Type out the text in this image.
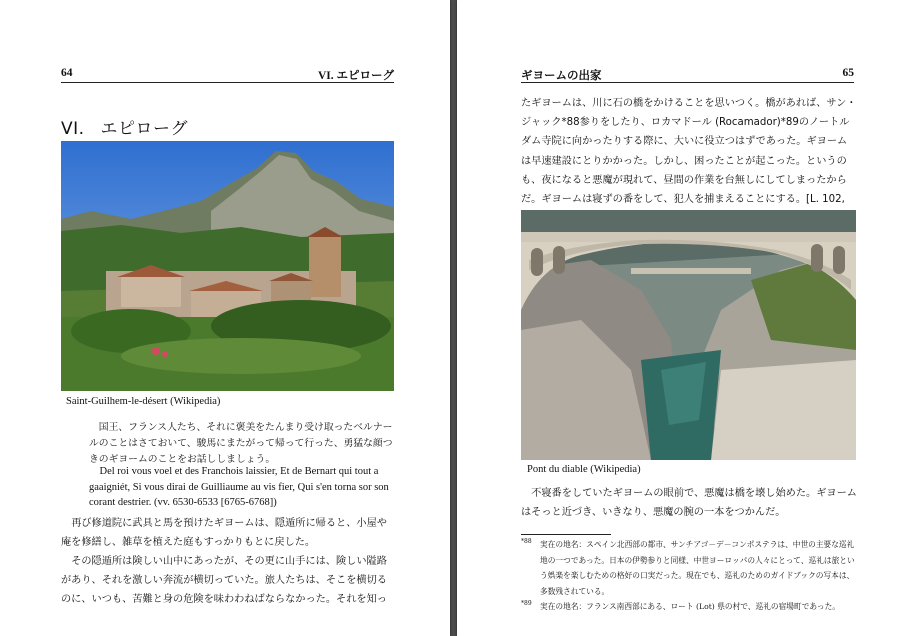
64	VI. エピローグ
VI. エピローグ
Saint-Guilhem-le-désert (Wikipedia)

国王、フランス人たち、それに褒美をたんまり受け取ったベルナールのことはさておいて、駿馬にまたがって帰って行った、勇猛な顔つきのギヨームのことをお話ししましょう。

Del roi vous voel et des Franchois laissier, Et de Bernart qui tout a gaaigniét, Si vous dirai de Guilliaume au vis fier, Qui s'en torna sor son corant destrier. (vv. 6530-6533 [6765-6768])

再び修道院に武具と馬を預けたギヨームは、隠遁所に帰ると、小屋や庵を修繕し、雑草を植えた庭もすっかりもとに戻した。

その隠遁所は険しい山中にあったが、その更に山手には、険しい隘路があり、それを激しい奔流が横切っていた。旅人たちは、そこを横切るのに、いつも、苦難と身の危険を味わわねばならなかった。それを知っ

ギヨームの出家	65

たギヨームは、川に石の橋をかけることを思いつく。橋があれば、サン・ジャック*88参りをしたり、ロカマドール (Rocamador)*89のノートルダム寺院に向かったりする際に、大いに役立つはずであった。ギヨームは早速建設にとりかかった。しかし、困ったことが起こった。というのも、夜になると悪魔が現れて、昼間の作業を台無しにしてしまったからだ。ギヨームは寝ずの番をして、犯人を捕まえることにする。[L. 102,

Pont du diable (Wikipedia)

不寝番をしていたギヨームの眼前で、悪魔は橋を壊し始めた。ギヨームはそっと近づき、いきなり、悪魔の腕の一本をつかんだ。

*88 実在の地名：スペイン北西部の都市、サンチアゴ－デ－コンポステラは、中世の主要な巡礼地の一つであった。日本の伊勢参りと同様、中世ヨーロッパの人々にとって、巡礼は旅という娯楽を楽しむための格好の口実だった。現在でも、巡礼のためのガイドブックの写本は、多数残されている。
*89 実在の地名：フランス南西部にある、ロート (Lot) 県の村で、巡礼の宿場町であった。
